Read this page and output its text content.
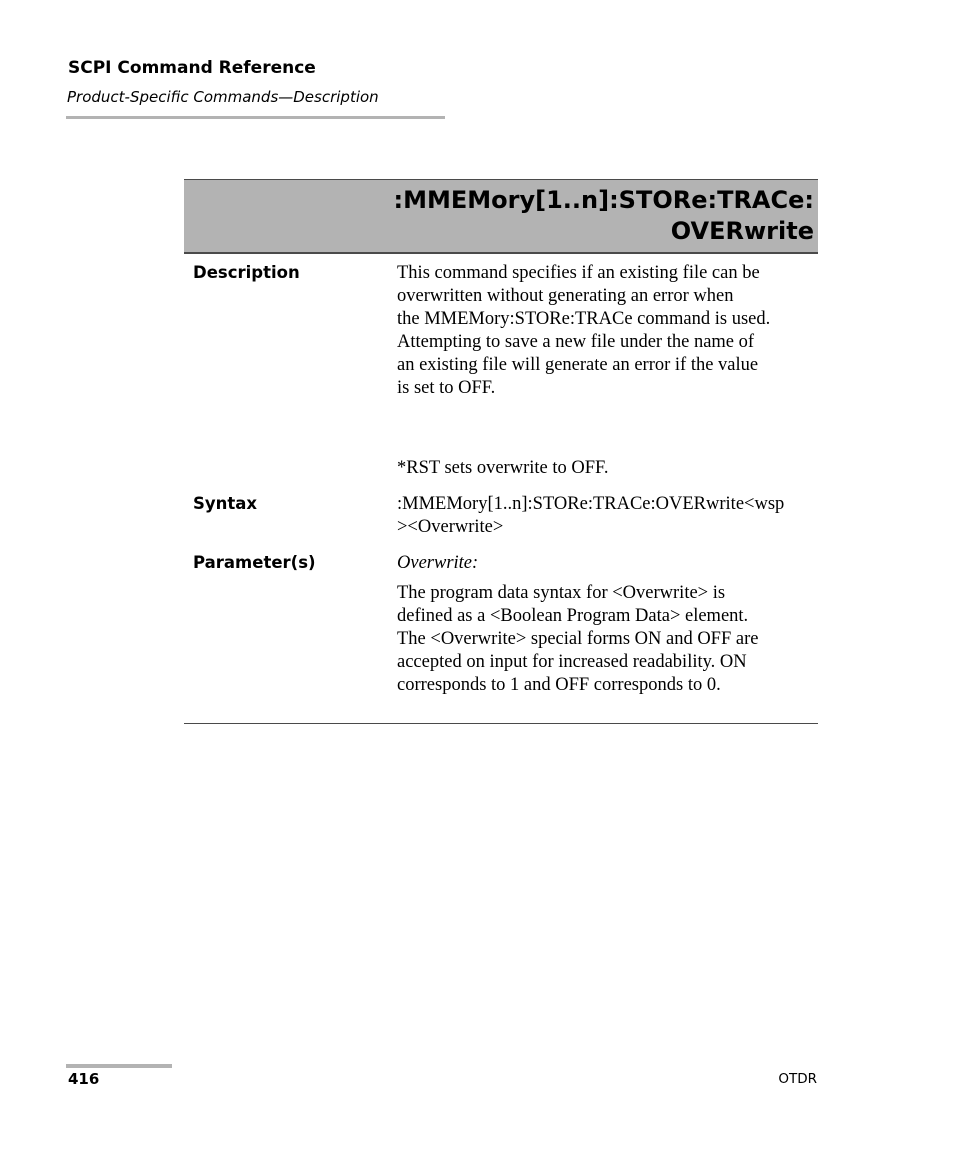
SCPI Command Reference
Product-Specific Commands—Description
:MMEMory[1..n]:STORe:TRACe:
OVERwrite
Description	This command specifies if an existing file can be
overwritten without generating an error when
the MMEMory:STORe:TRACe command is used.
Attempting to save a new file under the name of
an existing file will generate an error if the value
is set to OFF.
*RST sets overwrite to OFF.
Syntax	:MMEMory[1..n]:STORe:TRACe:OVERwrite<wsp
><Overwrite>
Parameter(s)	Overwrite:
The program data syntax for <Overwrite> is
defined as a <Boolean Program Data> element.
The <Overwrite> special forms ON and OFF are
accepted on input for increased readability. ON
corresponds to 1 and OFF corresponds to 0.
416	OTDR
